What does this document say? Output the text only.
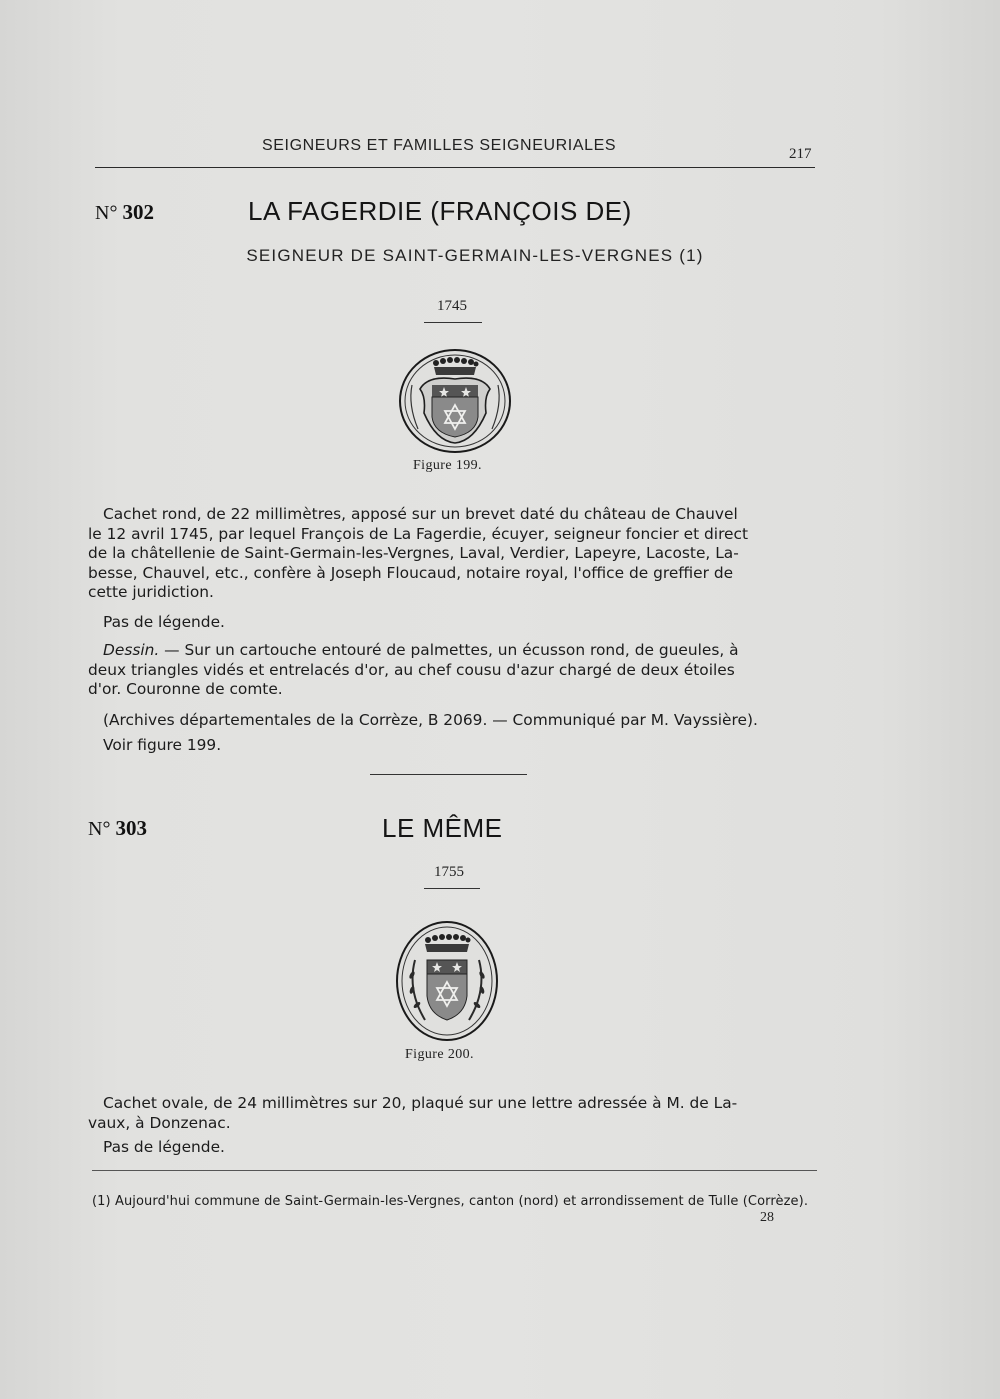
SEIGNEURS ET FAMILLES SEIGNEURIALES	217
N° 302	LA FAGERDIE (FRANÇOIS DE)
SEIGNEUR DE SAINT-GERMAIN-LES-VERGNES (1)
1745
Figure 199.

Cachet rond, de 22 millimètres, apposé sur un brevet daté du château de Chauvel

le 12 avril 1745, par lequel François de La Fagerdie, écuyer, seigneur foncier et direct

de la châtellenie de Saint-Germain-les-Vergnes, Laval, Verdier, Lapeyre, Lacoste, La-

besse, Chauvel, etc., confère à Joseph Floucaud, notaire royal, l'office de greffier de

cette juridiction.

Pas de légende.

Dessin. — Sur un cartouche entouré de palmettes, un écusson rond, de gueules, à

deux triangles vidés et entrelacés d'or, au chef cousu d'azur chargé de deux étoiles

d'or. Couronne de comte.

(Archives départementales de la Corrèze, B 2069. — Communiqué par M. Vayssière).

Voir figure 199.

N° 303	LE MÊME
1755
Figure 200.

Cachet ovale, de 24 millimètres sur 20, plaqué sur une lettre adressée à M. de La-

vaux, à Donzenac.

Pas de légende.

(1) Aujourd'hui commune de Saint-Germain-les-Vergnes, canton (nord) et arrondissement de Tulle (Corrèze).
28
